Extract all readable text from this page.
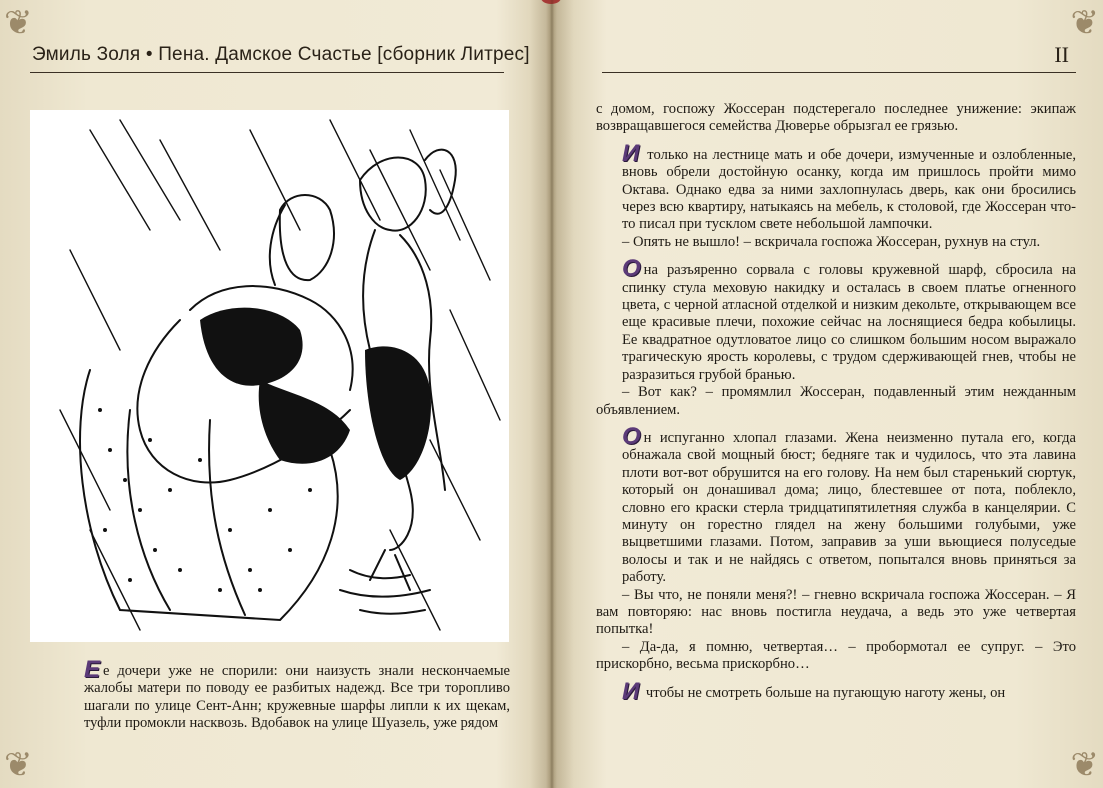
❦
❦
Эмиль Золя • Пена. Дамское Счастье [сборник Литрес]

Ее дочери уже не спорили: они наизусть знали нескончаемые жалобы матери по поводу ее разбитых надежд. Все три торопливо шагали по улице Сент-Анн; кружевные шарфы липли к их щекам, туфли промокли насквозь. Вдобавок на улице Шуазель, уже рядом

❦
❦
II

с домом, госпожу Жоссеран подстерегало последнее унижение: экипаж возвращавшегося семейства Дюверье обрызгал ее грязью.

И только на лестнице мать и обе дочери, измученные и озлобленные, вновь обрели достойную осанку, когда им пришлось пройти мимо Октава. Однако едва за ними захлопнулась дверь, как они бросились через всю квартиру, натыкаясь на мебель, к столовой, где Жоссеран что-то писал при тусклом свете небольшой лампочки.

– Опять не вышло! – вскричала госпожа Жоссеран, рухнув на стул.

Она разъяренно сорвала с головы кружевной шарф, сбросила на спинку стула меховую накидку и осталась в своем платье огненного цвета, с черной атласной отделкой и низким декольте, открывающем все еще красивые плечи, похожие сейчас на лоснящиеся бедра кобылицы. Ее квадратное одутловатое лицо со слишком большим носом выражало трагическую ярость королевы, с трудом сдерживающей гнев, чтобы не разразиться грубой бранью.

– Вот как? – промямлил Жоссеран, подавленный этим нежданным объявлением.

Он испуганно хлопал глазами. Жена неизменно путала его, когда обнажала свой мощный бюст; бедняге так и чудилось, что эта лавина плоти вот-вот обрушится на его голову. На нем был старенький сюртук, который он донашивал дома; лицо, блестевшее от пота, поблекло, словно его краски стерла тридцатипятилетняя служба в канцелярии. С минуту он горестно глядел на жену большими голубыми, уже выцветшими глазами. Потом, заправив за уши вьющиеся полуседые волосы и так и не найдясь с ответом, попытался вновь приняться за работу.

– Вы что, не поняли меня?! – гневно вскричала госпожа Жоссеран. – Я вам повторяю: нас вновь постигла неудача, а ведь это уже четвертая попытка!

– Да-да, я помню, четвертая… – пробормотал ее супруг. – Это прискорбно, весьма прискорбно…

И чтобы не смотреть больше на пугающую наготу жены, он
